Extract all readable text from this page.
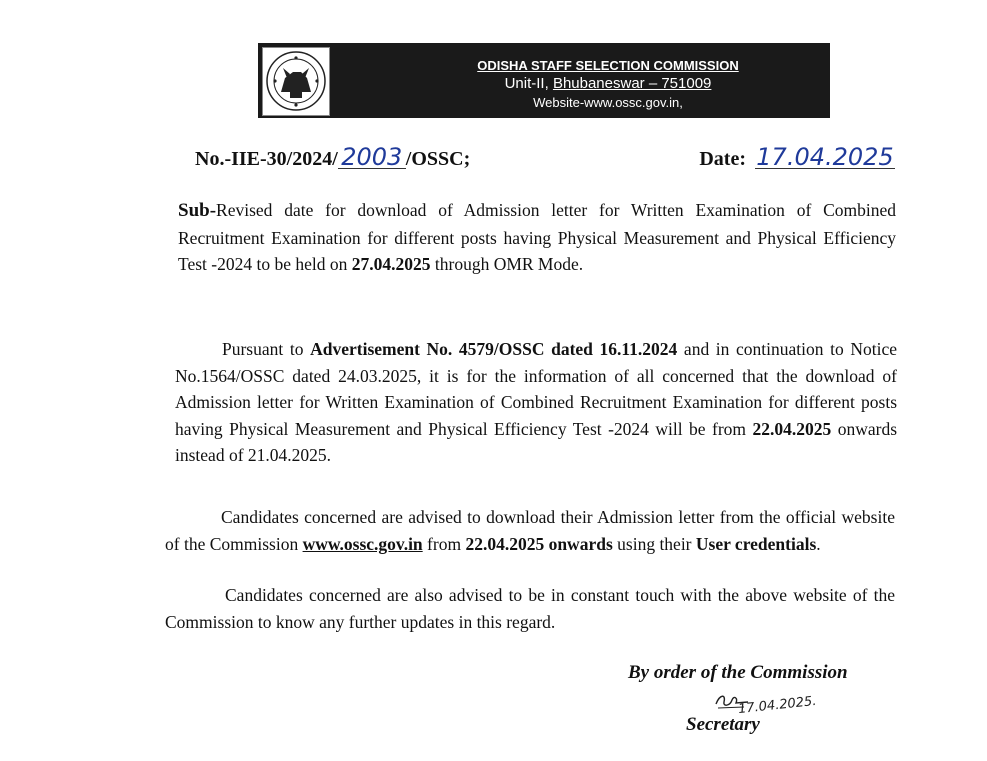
ODISHA STAFF SELECTION COMMISSION
Unit-II, Bhubaneswar – 751009
Website-www.ossc.gov.in,
No.-IIE-30/2024/ 2003 /OSSC;	Date: 17.04.2025
Sub-Revised date for download of Admission letter for Written Examination of Combined Recruitment Examination for different posts having Physical Measurement and Physical Efficiency Test -2024 to be held on 27.04.2025 through OMR Mode.
Pursuant to Advertisement No. 4579/OSSC dated 16.11.2024 and in continuation to Notice No.1564/OSSC dated 24.03.2025, it is for the information of all concerned that the download of Admission letter for Written Examination of Combined Recruitment Examination for different posts having Physical Measurement and Physical Efficiency Test -2024 will be from 22.04.2025 onwards instead of 21.04.2025.
Candidates concerned are advised to download their Admission letter from the official website of the Commission www.ossc.gov.in from 22.04.2025 onwards using their User credentials.
Candidates concerned are also advised to be in constant touch with the above website of the Commission to know any further updates in this regard.
By order of the Commission
17.04.2025.
Secretary
